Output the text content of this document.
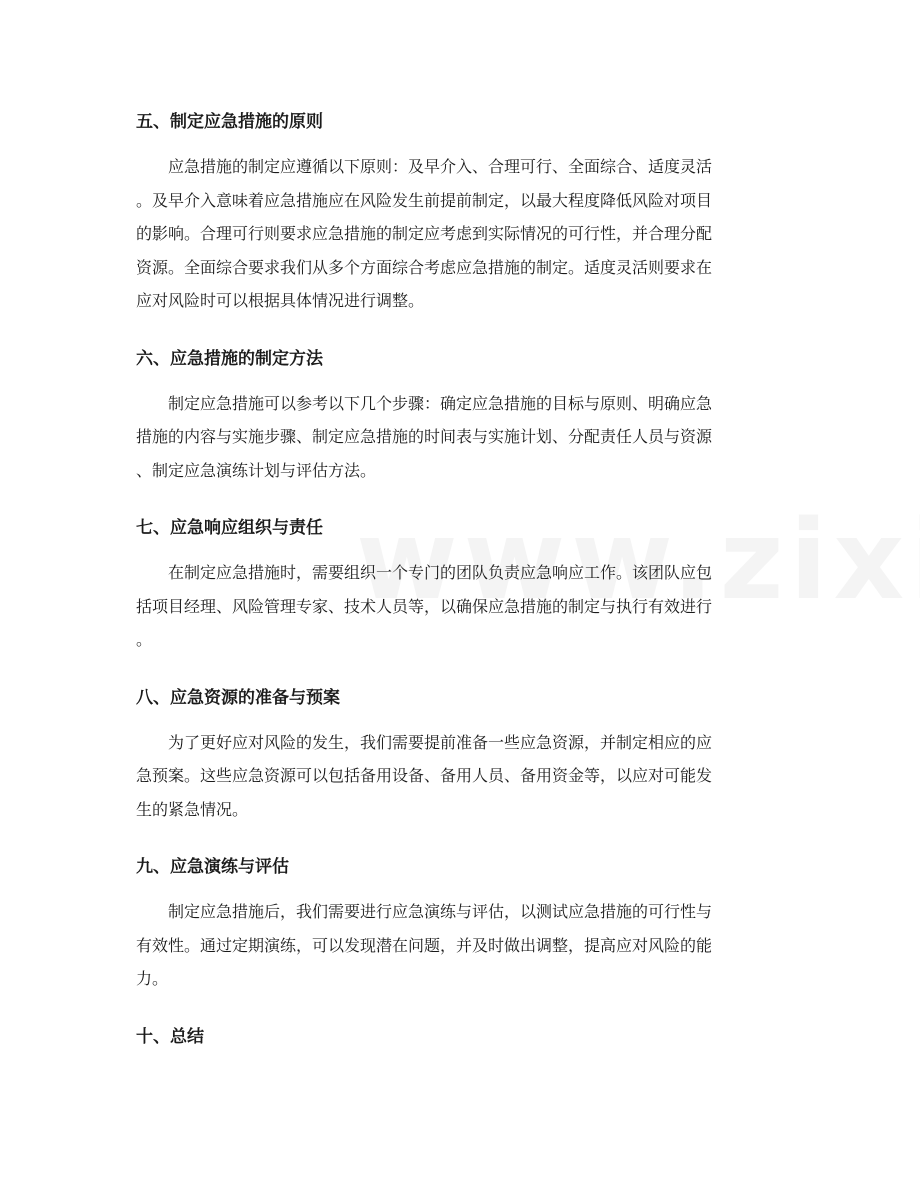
五、制定应急措施的原则

应急措施的制定应遵循以下原则：及早介入、合理可行、全面综合、适度灵活
。及早介入意味着应急措施应在风险发生前提前制定，以最大程度降低风险对项目
的影响。合理可行则要求应急措施的制定应考虑到实际情况的可行性，并合理分配
资源。全面综合要求我们从多个方面综合考虑应急措施的制定。适度灵活则要求在
应对风险时可以根据具体情况进行调整。

六、应急措施的制定方法

制定应急措施可以参考以下几个步骤：确定应急措施的目标与原则、明确应急
措施的内容与实施步骤、制定应急措施的时间表与实施计划、分配责任人员与资源
、制定应急演练计划与评估方法。

七、应急响应组织与责任

在制定应急措施时，需要组织一个专门的团队负责应急响应工作。该团队应包
括项目经理、风险管理专家、技术人员等，以确保应急措施的制定与执行有效进行
。

八、应急资源的准备与预案

为了更好应对风险的发生，我们需要提前准备一些应急资源，并制定相应的应
急预案。这些应急资源可以包括备用设备、备用人员、备用资金等，以应对可能发
生的紧急情况。

九、应急演练与评估

制定应急措施后，我们需要进行应急演练与评估，以测试应急措施的可行性与
有效性。通过定期演练，可以发现潜在问题，并及时做出调整，提高应对风险的能
力。

十、总结
